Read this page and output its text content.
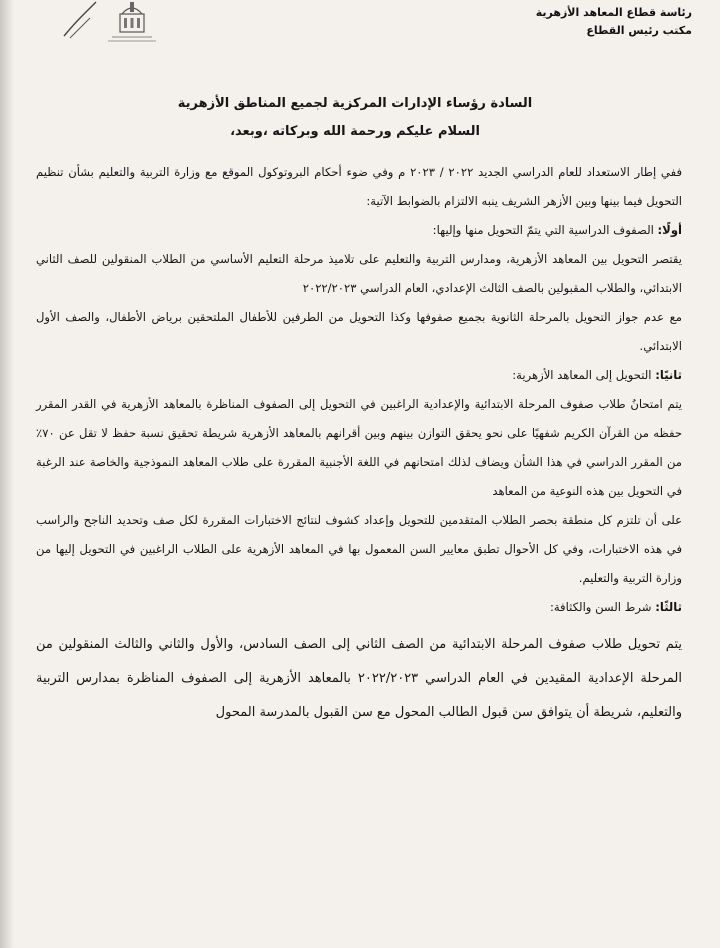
رئاسة قطاع المعاهد الأزهرية
مكتب رئيس القطاع
السادة رؤساء الإدارات المركزية لجميع المناطق الأزهرية
السلام عليكم ورحمة الله وبركاته ،وبعد،

ففي إطار الاستعداد للعام الدراسي الجديد ٢٠٢٢ / ٢٠٢٣ م وفي ضوء أحكام البروتوكول الموقع مع وزارة التربية والتعليم بشأن تنظيم التحويل فيما بينها وبين الأزهر الشريف ينبه الالتزام بالضوابط الآتية:

أولًا: الصفوف الدراسية التي يتمّ التحويل منها وإليها:

يقتصر التحويل بين المعاهد الأزهرية، ومدارس التربية والتعليم على تلاميذ مرحلة التعليم الأساسي من الطلاب المنقولين للصف الثاني الابتدائي، والطلاب المقبولين بالصف الثالث الإعدادي، العام الدراسي ٢٠٢٢/٢٠٢٣

مع عدم جواز التحويل بالمرحلة الثانوية بجميع صفوفها وكذا التحويل من الطرفين للأطفال الملتحقين برياض الأطفال، والصف الأول الابتدائي.

ثانيًا: التحويل إلى المعاهد الأزهرية:

يتم امتحانُ طلاب صفوف المرحلة الابتدائية والإعدادية الراغبين في التحويل إلى الصفوف المناظرة بالمعاهد الأزهرية في القدر المقرر حفظه من القرآن الكريم شفهيًا على نحو يحقق التوازن بينهم وبين أقرانهم بالمعاهد الأزهرية شريطة تحقيق نسبة حفظ لا تقل عن ٧٠٪ من المقرر الدراسي في هذا الشأن ويضاف لذلك امتحانهم في اللغة الأجنبية المقررة على طلاب المعاهد النموذجية والخاصة عند الرغبة في التحويل بين هذه النوعية من المعاهد

على أن تلتزم كل منطقة بحصر الطلاب المتقدمين للتحويل وإعداد كشوف لنتائج الاختبارات المقررة لكل صف وتحديد الناجح والراسب في هذه الاختبارات، وفي كل الأحوال تطبق معايير السن المعمول بها في المعاهد الأزهرية على الطلاب الراغبين في التحويل إليها من وزارة التربية والتعليم.

ثالثًا: شرط السن والكثافة:

يتم تحويل طلاب صفوف المرحلة الابتدائية من الصف الثاني إلى الصف السادس، والأول والثاني والثالث المنقولين من المرحلة الإعدادية المقيدين في العام الدراسي ٢٠٢٢/٢٠٢٣ بالمعاهد الأزهرية إلى الصفوف المناظرة بمدارس التربية والتعليم، شريطة أن يتوافق سن قبول الطالب المحول مع سن القبول بالمدرسة المحول
